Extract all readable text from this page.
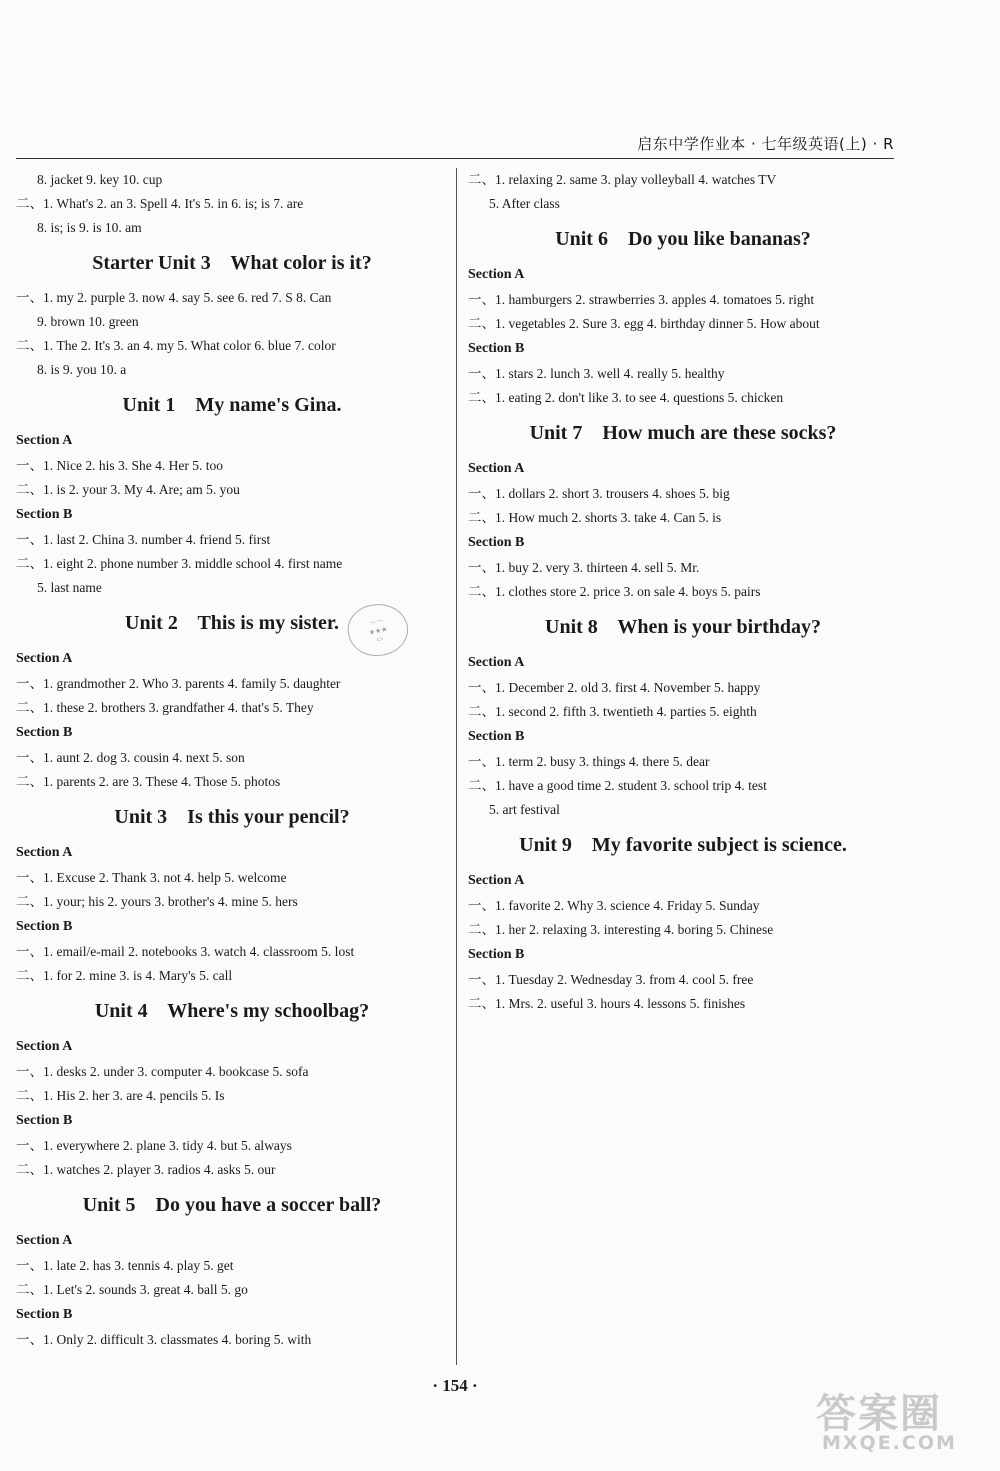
启东中学作业本 · 七年级英语(上) · R
8. jacket 9. key 10. cup
二、1. What's 2. an 3. Spell 4. It's 5. in 6. is; is 7. are
8. is; is 9. is 10. am
Starter Unit 3    What color is it?
一、1. my 2. purple 3. now 4. say 5. see 6. red 7. S 8. Can
9. brown 10. green
二、1. The 2. It's 3. an 4. my 5. What color 6. blue 7. color
8. is 9. you 10. a
Unit 1    My name's Gina.
Section A
一、1. Nice 2. his 3. She 4. Her 5. too
二、1. is 2. your 3. My 4. Are; am 5. you
Section B
一、1. last 2. China 3. number 4. friend 5. first
二、1. eight 2. phone number 3. middle school 4. first name
5. last name
Unit 2    This is my sister.
Section A
一、1. grandmother 2. Who 3. parents 4. family 5. daughter
二、1. these 2. brothers 3. grandfather 4. that's 5. They
Section B
一、1. aunt 2. dog 3. cousin 4. next 5. son
二、1. parents 2. are 3. These 4. Those 5. photos
Unit 3    Is this your pencil?
Section A
一、1. Excuse 2. Thank 3. not 4. help 5. welcome
二、1. your; his 2. yours 3. brother's 4. mine 5. hers
Section B
一、1. email/e-mail 2. notebooks 3. watch 4. classroom 5. lost
二、1. for 2. mine 3. is 4. Mary's 5. call
Unit 4    Where's my schoolbag?
Section A
一、1. desks 2. under 3. computer 4. bookcase 5. sofa
二、1. His 2. her 3. are 4. pencils 5. Is
Section B
一、1. everywhere 2. plane 3. tidy 4. but 5. always
二、1. watches 2. player 3. radios 4. asks 5. our
Unit 5    Do you have a soccer ball?
Section A
一、1. late 2. has 3. tennis 4. play 5. get
二、1. Let's 2. sounds 3. great 4. ball 5. go
Section B
一、1. Only 2. difficult 3. classmates 4. boring 5. with
二、1. relaxing 2. same 3. play volleyball 4. watches TV
5. After class
Unit 6    Do you like bananas?
Section A
一、1. hamburgers 2. strawberries 3. apples 4. tomatoes 5. right
二、1. vegetables 2. Sure 3. egg 4. birthday dinner 5. How about
Section B
一、1. stars 2. lunch 3. well 4. really 5. healthy
二、1. eating 2. don't like 3. to see 4. questions 5. chicken
Unit 7    How much are these socks?
Section A
一、1. dollars 2. short 3. trousers 4. shoes 5. big
二、1. How much 2. shorts 3. take 4. Can 5. is
Section B
一、1. buy 2. very 3. thirteen 4. sell 5. Mr.
二、1. clothes store 2. price 3. on sale 4. boys 5. pairs
Unit 8    When is your birthday?
Section A
一、1. December 2. old 3. first 4. November 5. happy
二、1. second 2. fifth 3. twentieth 4. parties 5. eighth
Section B
一、1. term 2. busy 3. things 4. there 5. dear
二、1. have a good time 2. student 3. school trip 4. test
5. art festival
Unit 9    My favorite subject is science.
Section A
一、1. favorite 2. Why 3. science 4. Friday 5. Sunday
二、1. her 2. relaxing 3. interesting 4. boring 5. Chinese
Section B
一、1. Tuesday 2. Wednesday 3. from 4. cool 5. free
二、1. Mrs. 2. useful 3. hours 4. lessons 5. finishes
～～
★★★
▭
· 154 ·
答案圈
MXQE.COM
